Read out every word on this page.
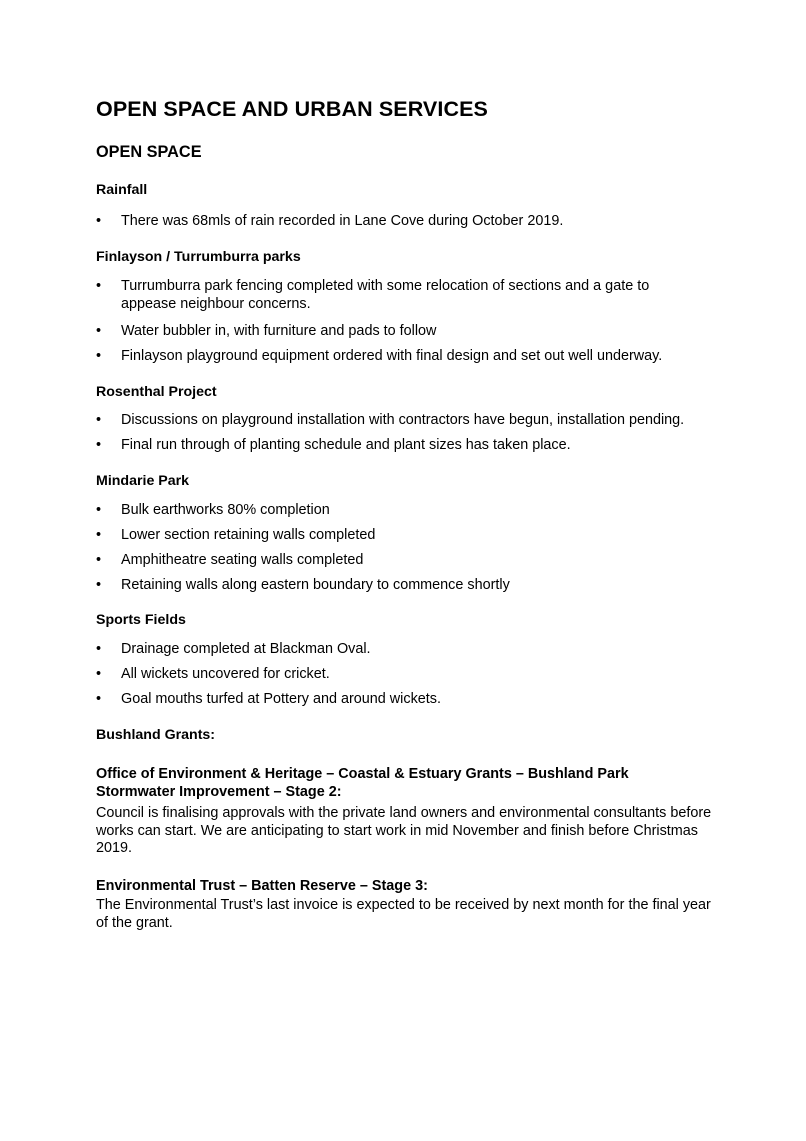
OPEN SPACE AND URBAN SERVICES
OPEN SPACE
Rainfall
•	There was 68mls of rain recorded in Lane Cove during October 2019.
Finlayson / Turrumburra parks
•	Turrumburra park fencing completed with some relocation of sections and a gate to appease neighbour concerns.
•	Water bubbler in, with furniture and pads to follow
•	Finlayson playground equipment ordered with final design and set out well underway.
Rosenthal Project
•	Discussions on playground installation with contractors have begun, installation pending.
•	Final run through of planting schedule and plant sizes has taken place.
Mindarie Park
•	Bulk earthworks 80% completion
•	Lower section retaining walls completed
•	Amphitheatre seating walls completed
•	Retaining walls along eastern boundary to commence shortly
Sports Fields
•	Drainage completed at Blackman Oval.
•	All wickets uncovered for cricket.
•	Goal mouths turfed at Pottery and around wickets.
Bushland Grants:
Office of Environment & Heritage – Coastal & Estuary Grants – Bushland Park Stormwater Improvement – Stage 2:
Council is finalising approvals with the private land owners and environmental consultants before works can start. We are anticipating to start work in mid November and finish before Christmas 2019.
Environmental Trust – Batten Reserve – Stage 3:
The Environmental Trust’s last invoice is expected to be received by next month for the final year of the grant.
